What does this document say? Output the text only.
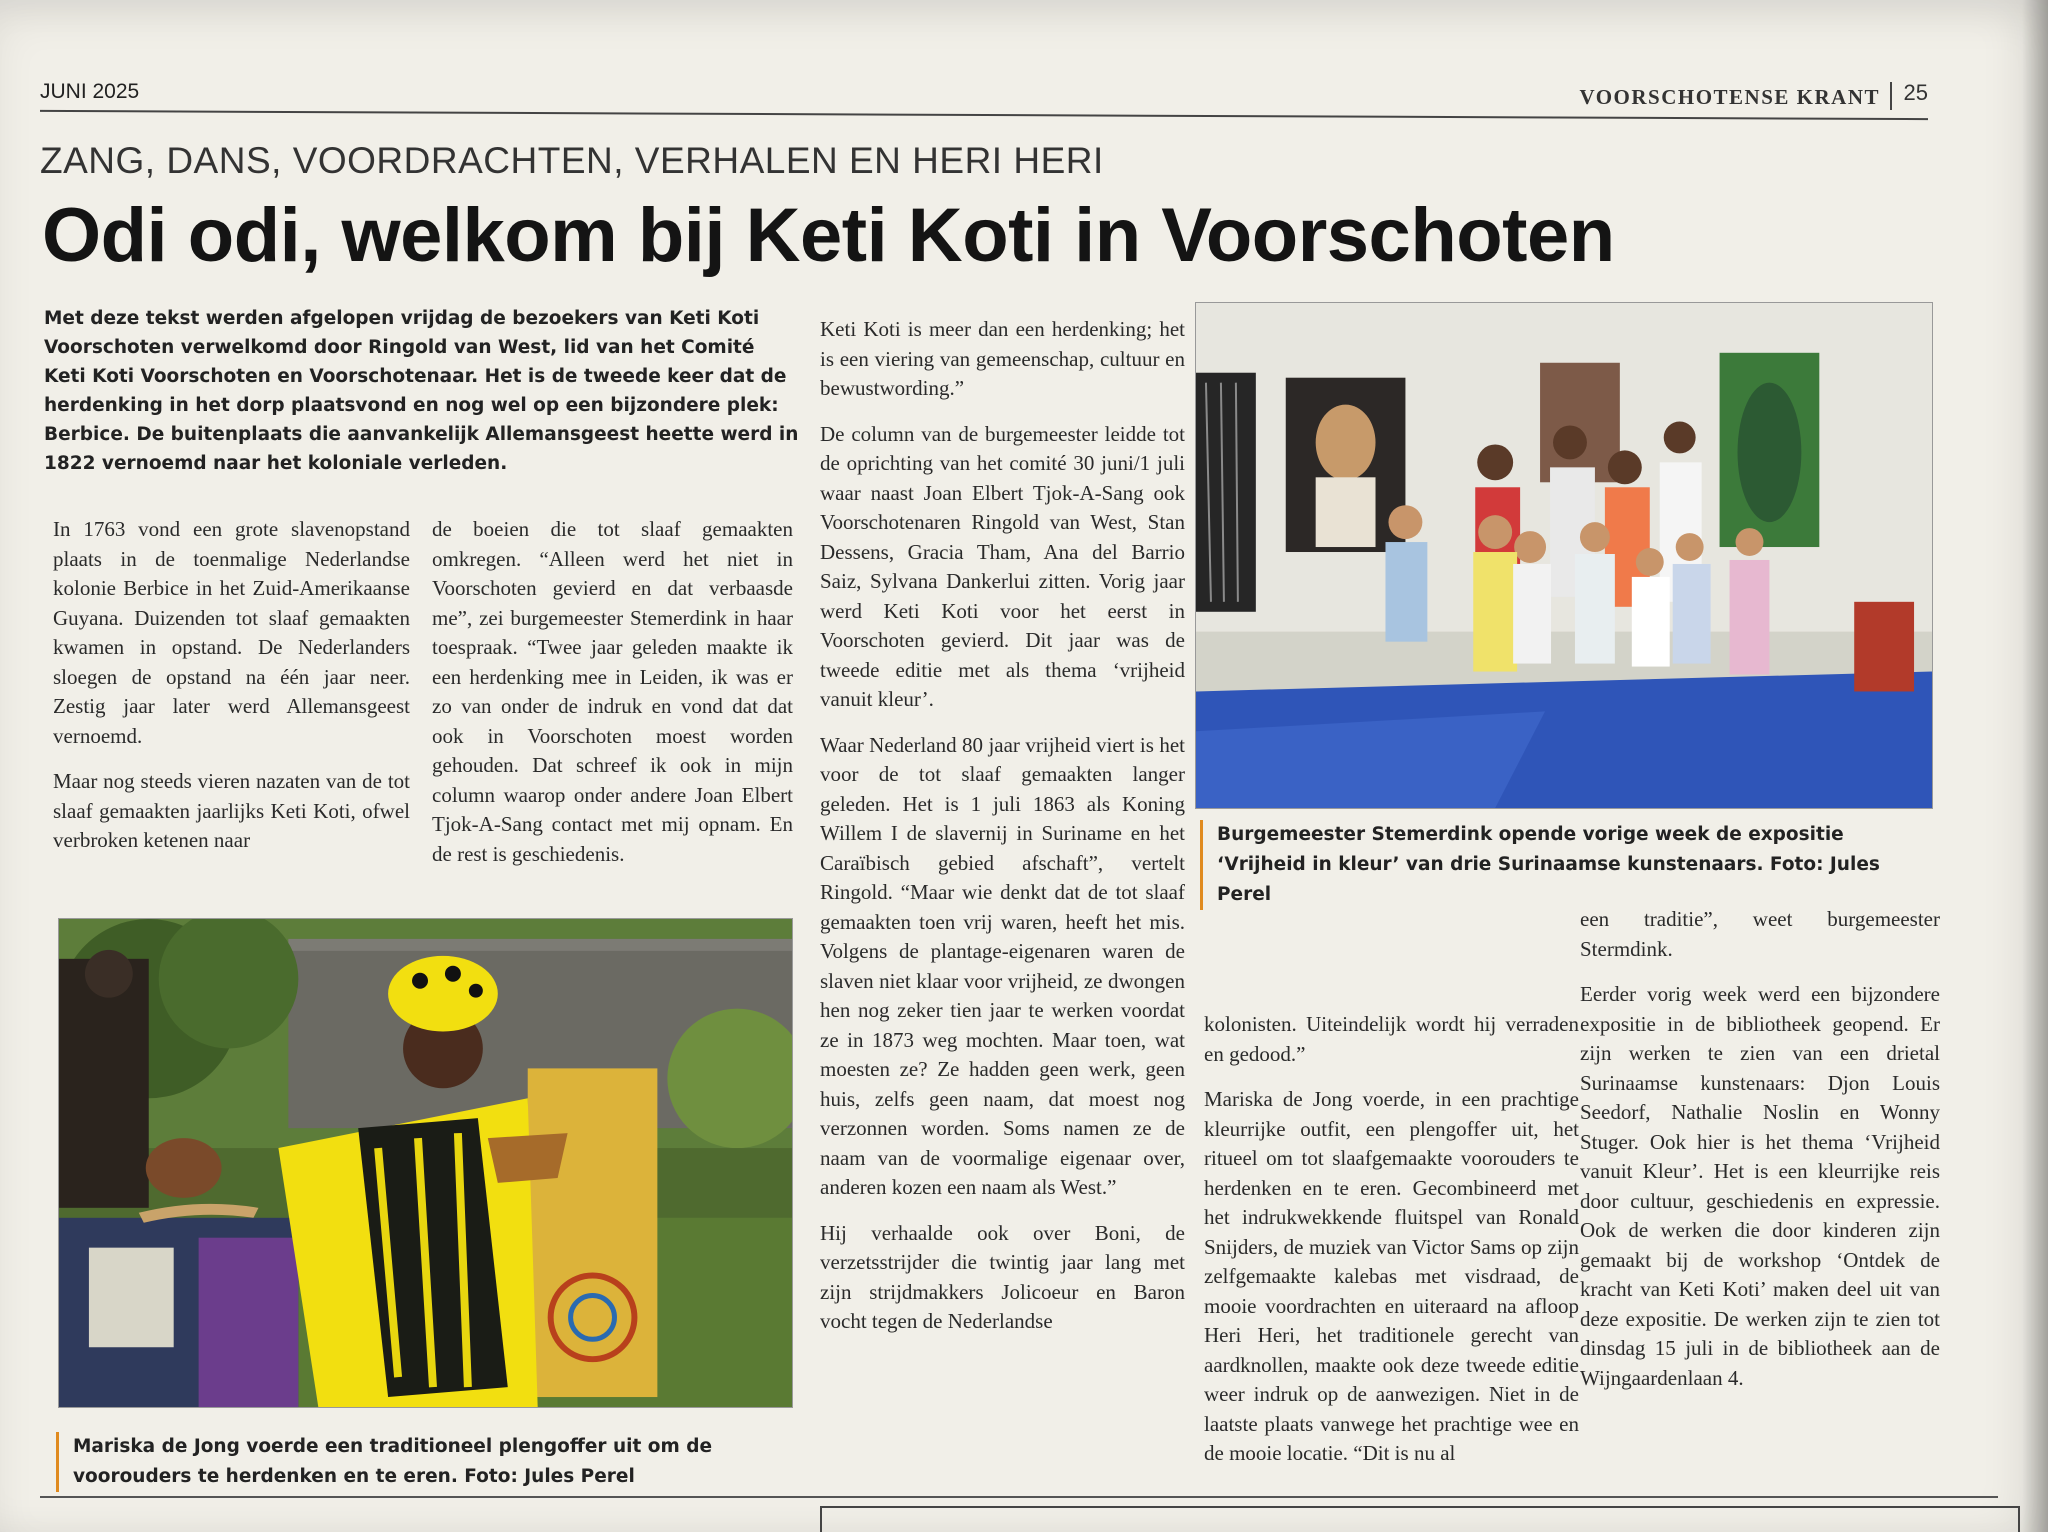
JUNI 2025	VOORSCHOTENSE KRANT 25
ZANG, DANS, VOORDRACHTEN, VERHALEN EN HERI HERI
Odi odi, welkom bij Keti Koti in Voorschoten
Met deze tekst werden afgelopen vrijdag de bezoekers van Keti Koti Voorschoten verwelkomd door Ringold van West, lid van het Comité Keti Koti Voorschoten en Voorschotenaar. Het is de tweede keer dat de herdenking in het dorp plaatsvond en nog wel op een bijzondere plek: Berbice. De buitenplaats die aanvankelijk Allemansgeest heette werd in 1822 vernoemd naar het koloniale verleden.

In 1763 vond een grote slavenopstand plaats in de toenmalige Nederlandse kolonie Berbice in het Zuid-Amerikaanse Guyana. Duizenden tot slaaf gemaakten kwamen in opstand. De Nederlanders sloegen de opstand na één jaar neer. Zestig jaar later werd Allemansgeest vernoemd.

Maar nog steeds vieren nazaten van de tot slaaf gemaakten jaarlijks Keti Koti, ofwel verbroken ketenen naar

de boeien die tot slaaf gemaakten omkregen. “Alleen werd het niet in Voorschoten gevierd en dat verbaasde me”, zei burgemeester Stemerdink in haar toespraak. “Twee jaar geleden maakte ik een herdenking mee in Leiden, ik was er zo van onder de indruk en vond dat dat ook in Voorschoten moest worden gehouden. Dat schreef ik ook in mijn column waarop onder andere Joan Elbert Tjok-A-Sang contact met mij opnam. En de rest is geschiedenis.

Keti Koti is meer dan een herdenking; het is een viering van gemeenschap, cultuur en bewustwording.”

De column van de burgemeester leidde tot de oprichting van het comité 30 juni/1 juli waar naast Joan Elbert Tjok-A-Sang ook Voorschotenaren Ringold van West, Stan Dessens, Gracia Tham, Ana del Barrio Saiz, Sylvana Dankerlui zitten. Vorig jaar werd Keti Koti voor het eerst in Voorschoten gevierd. Dit jaar was de tweede editie met als thema ‘vrijheid vanuit kleur’.

Waar Nederland 80 jaar vrijheid viert is het voor de tot slaaf gemaakten langer geleden. Het is 1 juli 1863 als Koning Willem I de slavernij in Suriname en het Caraïbisch gebied afschaft”, vertelt Ringold. “Maar wie denkt dat de tot slaaf gemaakten toen vrij waren, heeft het mis. Volgens de plantage-eigenaren waren de slaven niet klaar voor vrijheid, ze dwongen hen nog zeker tien jaar te werken voordat ze in 1873 weg mochten. Maar toen, wat moesten ze? Ze hadden geen werk, geen huis, zelfs geen naam, dat moest nog verzonnen worden. Soms namen ze de naam van de voormalige eigenaar over, anderen kozen een naam als West.”

Hij verhaalde ook over Boni, de verzetsstrijder die twintig jaar lang met zijn strijdmakkers Jolicoeur en Baron vocht tegen de Nederlandse

kolonisten. Uiteindelijk wordt hij verraden en gedood.”

Mariska de Jong voerde, in een prachtige kleurrijke outfit, een plengoffer uit, het ritueel om tot slaafgemaakte voorouders te herdenken en te eren. Gecombineerd met het indrukwekkende fluitspel van Ronald Snijders, de muziek van Victor Sams op zijn zelfgemaakte kalebas met visdraad, de mooie voordrachten en uiteraard na afloop Heri Heri, het traditionele gerecht van aardknollen, maakte ook deze tweede editie weer indruk op de aanwezigen. Niet in de laatste plaats vanwege het prachtige wee en de mooie locatie. “Dit is nu al

een traditie”, weet burgemeester Stermdink.

Eerder vorig week werd een bijzondere expositie in de bibliotheek geopend. Er zijn werken te zien van een drietal Surinaamse kunstenaars: Djon Louis Seedorf, Nathalie Noslin en Wonny Stuger. Ook hier is het thema ‘Vrijheid vanuit Kleur’. Het is een kleurrijke reis door cultuur, geschiedenis en expressie. Ook de werken die door kinderen zijn gemaakt bij de workshop ‘Ontdek de kracht van Keti Koti’ maken deel uit van deze expositie. De werken zijn te zien tot dinsdag 15 juli in de bibliotheek aan de Wijngaardenlaan 4.

Mariska de Jong voerde een traditioneel plengoffer uit om de voorouders te herdenken en te eren. Foto: Jules Perel
Burgemeester Stemerdink opende vorige week de expositie ‘Vrijheid in kleur’ van drie Surinaamse kunstenaars. Foto: Jules Perel
